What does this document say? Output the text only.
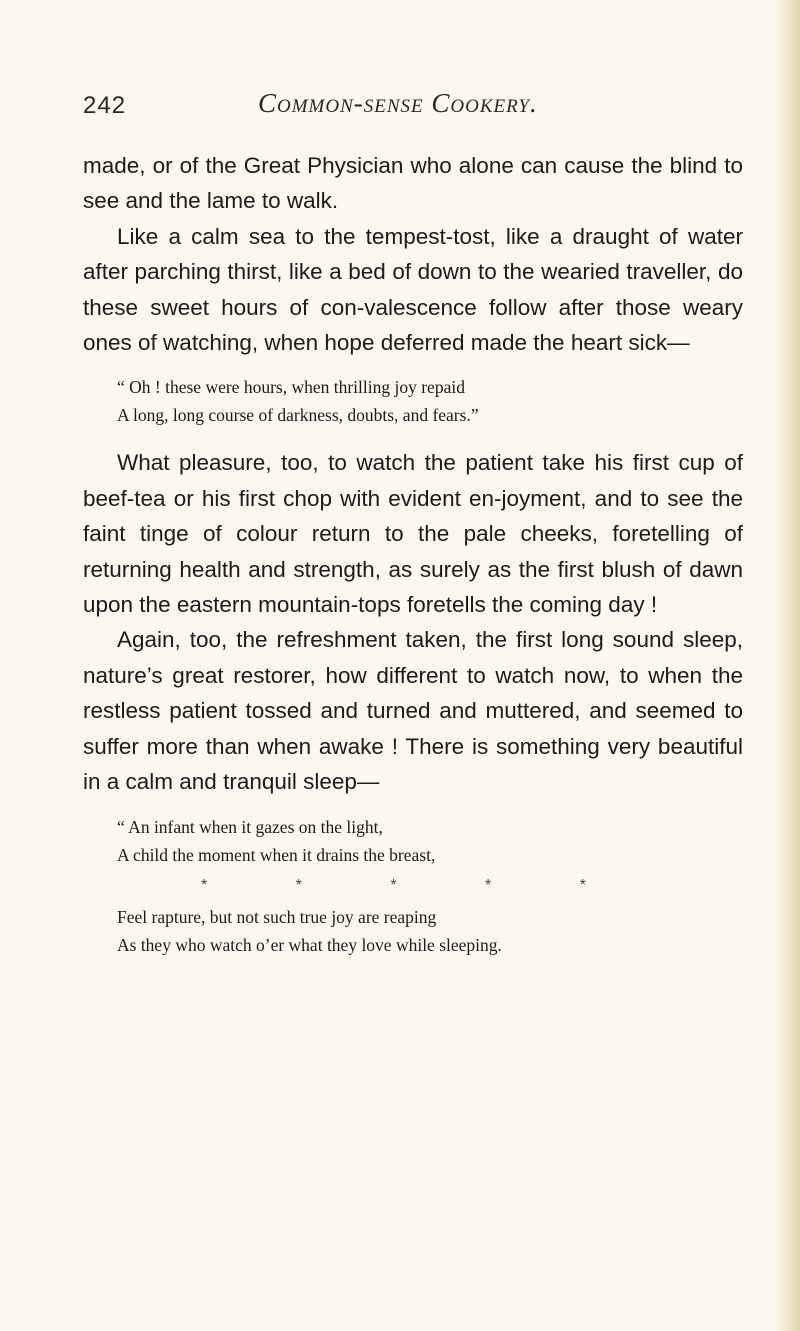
242	Common-sense Cookery.

made, or of the Great Physician who alone can cause the blind to see and the lame to walk.

Like a calm sea to the tempest-tost, like a draught of water after parching thirst, like a bed of down to the wearied traveller, do these sweet hours of con-valescence follow after those weary ones of watching, when hope deferred made the heart sick—

“ Oh ! these were hours, when thrilling joy repaid

A long, long course of darkness, doubts, and fears.”

What pleasure, too, to watch the patient take his first cup of beef-tea or his first chop with evident en-joyment, and to see the faint tinge of colour return to the pale cheeks, foretelling of returning health and strength, as surely as the first blush of dawn upon the eastern mountain-tops foretells the coming day !

Again, too, the refreshment taken, the first long sound sleep, nature’s great restorer, how different to watch now, to when the restless patient tossed and turned and muttered, and seemed to suffer more than when awake ! There is something very beautiful in a calm and tranquil sleep—

“ An infant when it gazes on the light,

A child the moment when it drains the breast,

* * * * *

Feel rapture, but not such true joy are reaping

As they who watch o’er what they love while sleeping.
